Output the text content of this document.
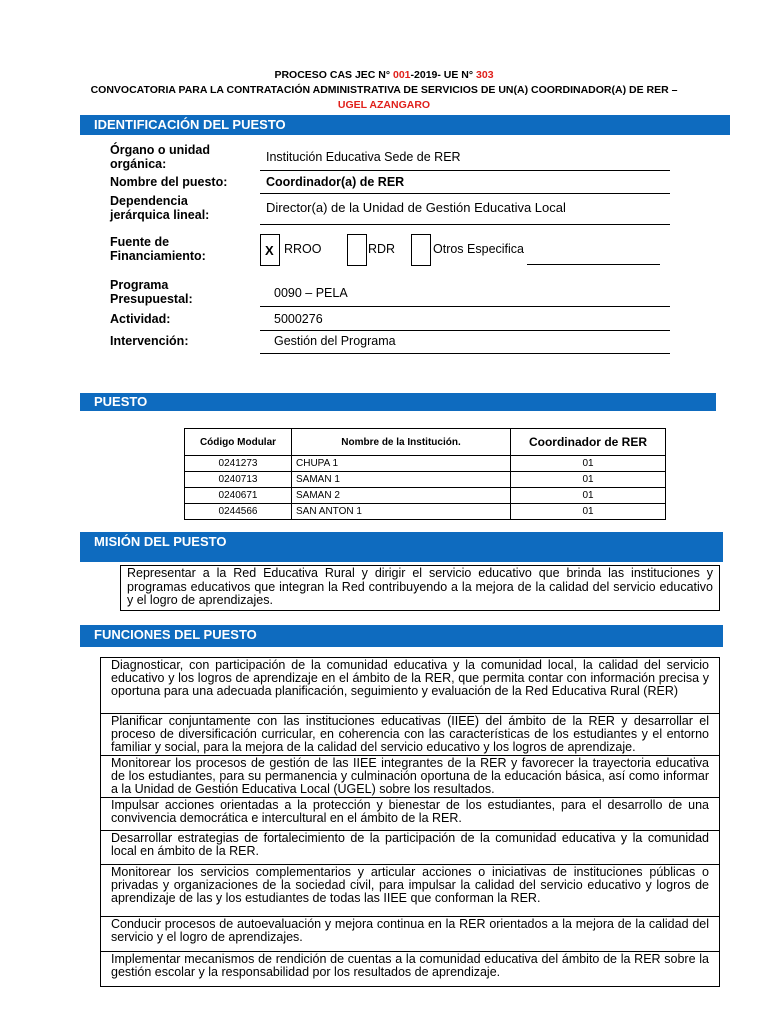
PROCESO CAS JEC N° 001-2019- UE N° 303
CONVOCATORIA PARA LA CONTRATACIÓN ADMINISTRATIVA DE SERVICIOS DE UN(A) COORDINADOR(A) DE RER –
UGEL AZANGARO
IDENTIFICACIÓN DEL PUESTO
Órgano o unidad orgánica:	Institución Educativa Sede de RER
Nombre del puesto:	Coordinador(a) de RER
Dependencia jerárquica lineal:	Director(a) de la Unidad de Gestión Educativa Local
Fuente de Financiamiento:	X RROO	RDR	Otros Especifica
Programa Presupuestal:	0090 – PELA
Actividad:	5000276
Intervención:	Gestión del Programa
PUESTO
Código Modular	Nombre de la Institución.	Coordinador de RER
0241273	CHUPA 1	01
0240713	SAMAN 1	01
0240671	SAMAN 2	01
0244566	SAN ANTON 1	01
MISIÓN DEL PUESTO
Representar a la Red Educativa Rural y dirigir el servicio educativo que brinda las instituciones y programas educativos que integran la Red contribuyendo a la mejora de la calidad del servicio educativo y el logro de aprendizajes.
FUNCIONES DEL PUESTO
Diagnosticar, con participación de la comunidad educativa y la comunidad local, la calidad del servicio educativo y los logros de aprendizaje en el ámbito de la RER, que permita contar con información precisa y oportuna para una adecuada planificación, seguimiento y evaluación de la Red Educativa Rural (RER)
Planificar conjuntamente con las instituciones educativas (IIEE) del ámbito de la RER y desarrollar el proceso de diversificación curricular, en coherencia con las características de los estudiantes y el entorno familiar y social, para la mejora de la calidad del servicio educativo y los logros de aprendizaje.
Monitorear los procesos de gestión de las IIEE integrantes de la RER y favorecer la trayectoria educativa de los estudiantes, para su permanencia y culminación oportuna de la educación básica, así como informar a la Unidad de Gestión Educativa Local (UGEL) sobre los resultados.
Impulsar acciones orientadas a la protección y bienestar de los estudiantes, para el desarrollo de una convivencia democrática e intercultural en el ámbito de la RER.
Desarrollar estrategias de fortalecimiento de la participación de la comunidad educativa y la comunidad local en ámbito de la RER.
Monitorear los servicios complementarios y articular acciones o iniciativas de instituciones públicas o privadas y organizaciones de la sociedad civil, para impulsar la calidad del servicio educativo y logros de aprendizaje de las y los estudiantes de todas las IIEE que conforman la RER.
Conducir procesos de autoevaluación y mejora continua en la RER orientados a la mejora de la calidad del servicio y el logro de aprendizajes.
Implementar mecanismos de rendición de cuentas a la comunidad educativa del ámbito de la RER sobre la gestión escolar y la responsabilidad por los resultados de aprendizaje.
